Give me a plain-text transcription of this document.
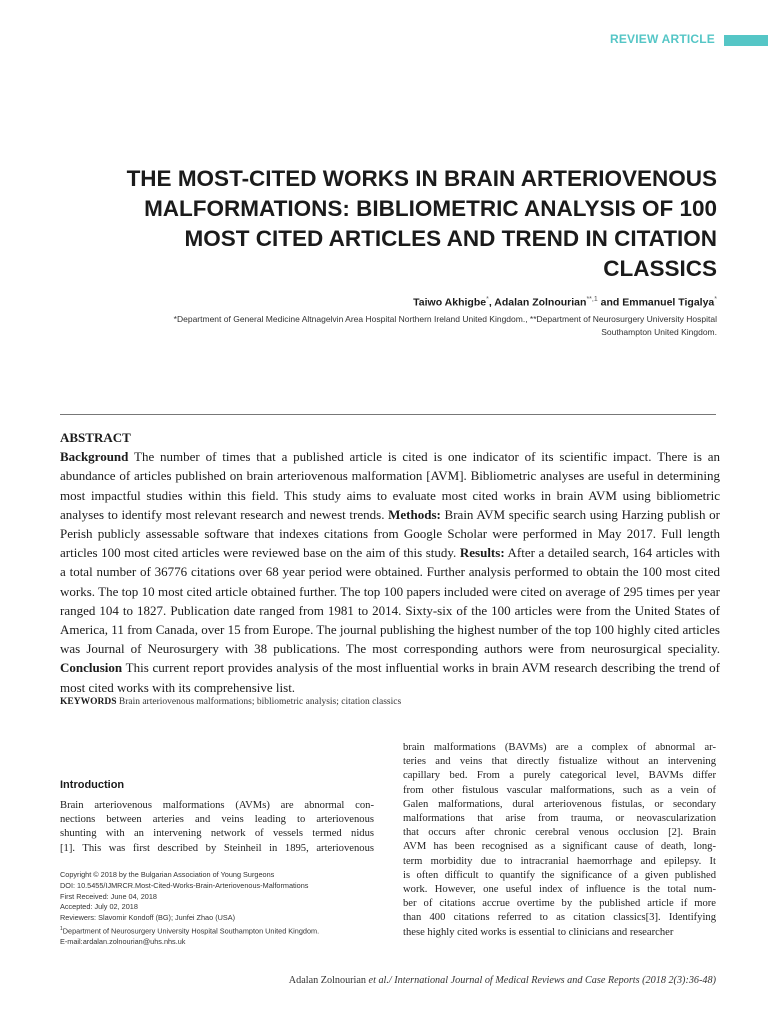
REVIEW ARTICLE
THE MOST-CITED WORKS IN BRAIN ARTERIOVENOUS
MALFORMATIONS: BIBLIOMETRIC ANALYSIS OF 100
MOST CITED ARTICLES AND TREND IN CITATION
CLASSICS
Taiwo Akhigbe*, Adalan Zolnourian$^{**,1}$ and Emmanuel Tigalya*
*Department of General Medicine Altnagelvin Area Hospital Northern Ireland United Kingdom., **Department of Neurosurgery University Hospital
Southampton United Kingdom.
ABSTRACT

Background The number of times that a published article is cited is one indicator of its scientific impact. There is an abundance of articles published on brain arteriovenous malformation [AVM]. Bibliometric analyses are useful in determining most impactful studies within this field. This study aims to evaluate most cited works in brain AVM using bibliometric analyses to identify most relevant research and newest trends. Methods: Brain AVM specific search using Harzing publish or Perish publicly assessable software that indexes citations from Google Scholar were performed in May 2017. Full length articles 100 most cited articles were reviewed base on the aim of this study. Results: After a detailed search, 164 articles with a total number of 36776 citations over 68 year period were obtained. Further analysis performed to obtain the 100 most cited works. The top 10 most cited article obtained further. The top 100 papers included were cited on average of 295 times per year ranged 104 to 1827. Publication date ranged from 1981 to 2014. Sixty-six of the 100 articles were from the United States of America, 11 from Canada, over 15 from Europe. The journal publishing the highest number of the top 100 highly cited articles was Journal of Neurosurgery with 38 publications. The most corresponding authors were from neurosurgical speciality. Conclusion This current report provides analysis of the most influential works in brain AVM research describing the trend of most cited works with its comprehensive list.

KEYWORDS Brain arteriovenous malformations; bibliometric analysis; citation classics
Introduction
Brain arteriovenous malformations (AVMs) are abnormal con-
nections between arteries and veins leading to arteriovenous
shunting with an intervening network of vessels termed nidus
[1]. This was first described by Steinheil in 1895, arteriovenous
brain malformations (BAVMs) are a complex of abnormal ar-
teries and veins that directly fistualize without an intervening
capillary bed. From a purely categorical level, BAVMs differ
from other fistulous vascular malformations, such as a vein of
Galen malformations, dural arteriovenous fistulas, or secondary
malformations that arise from trauma, or neovascularization
that occurs after chronic cerebral venous occlusion [2]. Brain
AVM has been recognised as a significant cause of death, long-
term morbidity due to intracranial haemorrhage and epilepsy. It
is often difficult to quantify the significance of a given published
work. However, one useful index of influence is the total num-
ber of citations accrue overtime by the published article if more
than 400 citations referred to as citation classics[3]. Identifying
these highly cited works is essential to clinicians and researcher
Copyright © 2018 by the Bulgarian Association of Young Surgeons
DOI: 10.5455/IJMRCR.Most-Cited-Works-Brain-Arteriovenous-Malformations
First Received: June 04, 2018
Accepted: July 02, 2018
Reviewers: Slavomir Kondoff (BG); Junfei Zhao (USA)
$^1$Department of Neurosurgery University Hospital Southampton United Kingdom.
E-mail:ardalan.zolnourian@uhs.nhs.uk
Adalan Zolnourian et al./ International Journal of Medical Reviews and Case Reports (2018 2(3):36-48)
